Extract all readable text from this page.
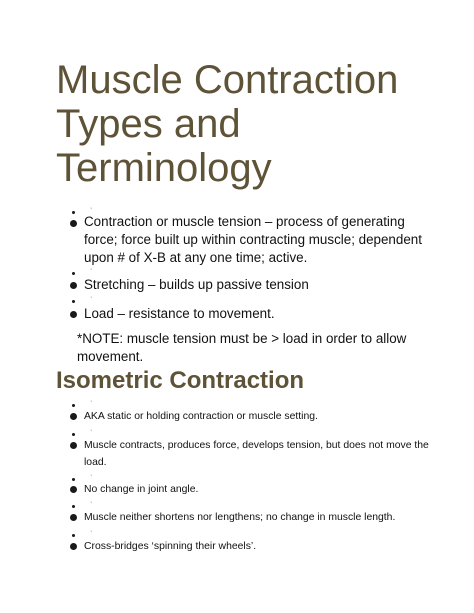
Muscle Contraction
Types and
Terminology
·
Contraction or muscle tension – process of generating force; force built up within contracting muscle; dependent upon # of X-B at any one time; active.
·
Stretching – builds up passive tension
·
Load – resistance to movement.
*NOTE: muscle tension must be > load in order to allow movement.
Isometric Contraction
·
AKA static or holding contraction or muscle setting.
·
Muscle contracts, produces force, develops tension, but does not move the load.
·
No change in joint angle.
·
Muscle neither shortens nor lengthens; no change in muscle length.
·
Cross-bridges ‘spinning their wheels’.
